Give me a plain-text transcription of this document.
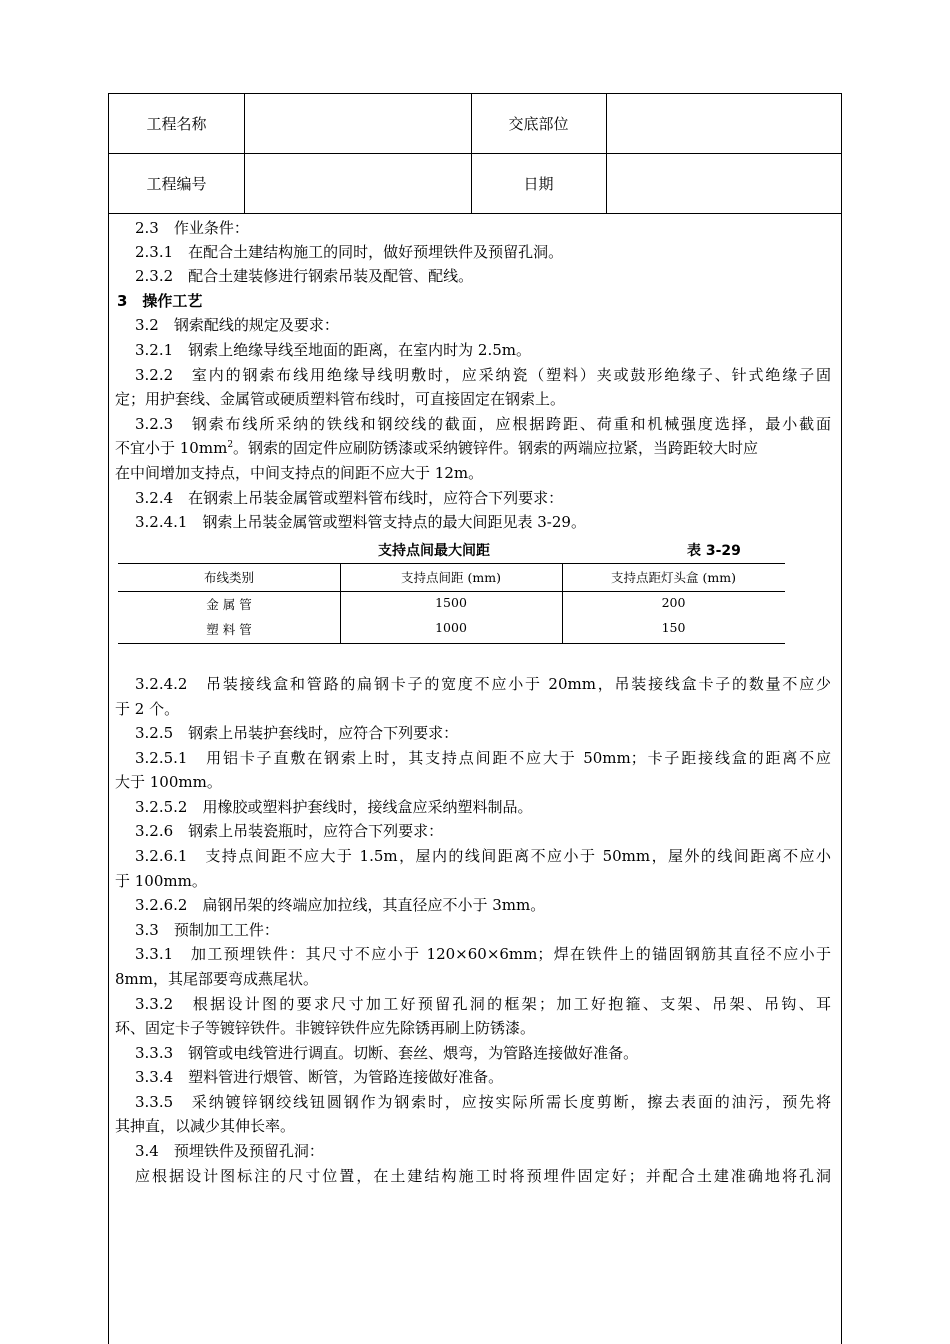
工程名称	交底部位
工程编号	日期
2.3　作业条件：
2.3.1　在配合土建结构施工的同时，做好预埋铁件及预留孔洞。
2.3.2　配合土建装修进行钢索吊装及配管、配线。
3　操作工艺
3.2　钢索配线的规定及要求：
3.2.1　钢索上绝缘导线至地面的距离，在室内时为 2.5m。
3.2.2　室内的钢索布线用绝缘导线明敷时，应采纳瓷（塑料）夹或鼓形绝缘子、针式绝缘子固
定；用护套线、金属管或硬质塑料管布线时，可直接固定在钢索上。
3.2.3　钢索布线所采纳的铁线和钢绞线的截面，应根据跨距、荷重和机械强度选择，最小截面
不宜小于 $10mm^2$。钢索的固定件应刷防锈漆或采纳镀锌件。钢索的两端应拉紧，当跨距较大时应
在中间增加支持点，中间支持点的间距不应大于 12m。
3.2.4　在钢索上吊装金属管或塑料管布线时，应符合下列要求：
3.2.4.1　钢索上吊装金属管或塑料管支持点的最大间距见表 3-29。
支持点间最大间距	表 3-29
布线类别	支持点间距 (mm)	支持点距灯头盒 (mm)
金 属 管	1500	200
塑 料 管	1000	150
3.2.4.2　吊装接线盒和管路的扁钢卡子的宽度不应小于 20mm，吊装接线盒卡子的数量不应少
于 2 个。
3.2.5　钢索上吊装护套线时，应符合下列要求：
3.2.5.1　用铝卡子直敷在钢索上时，其支持点间距不应大于 50mm；卡子距接线盒的距离不应
大于 100mm。
3.2.5.2　用橡胶或塑料护套线时，接线盒应采纳塑料制品。
3.2.6　钢索上吊装瓷瓶时，应符合下列要求：
3.2.6.1　支持点间距不应大于 1.5m，屋内的线间距离不应小于 50mm，屋外的线间距离不应小
于 100mm。
3.2.6.2　扁钢吊架的终端应加拉线，其直径应不小于 3mm。
3.3　预制加工工件：
3.3.1　加工预埋铁件：其尺寸不应小于 120×60×6mm；焊在铁件上的锚固钢筋其直径不应小于
8mm，其尾部要弯成燕尾状。
3.3.2　根据设计图的要求尺寸加工好预留孔洞的框架；加工好抱箍、支架、吊架、吊钩、耳
环、固定卡子等镀锌铁件。非镀锌铁件应先除锈再刷上防锈漆。
3.3.3　钢管或电线管进行调直。切断、套丝、煨弯，为管路连接做好准备。
3.3.4　塑料管进行煨管、断管，为管路连接做好准备。
3.3.5　采纳镀锌钢绞线钮圆钢作为钢索时，应按实际所需长度剪断，擦去表面的油污，预先将
其抻直，以减少其伸长率。
3.4　预埋铁件及预留孔洞：
应根据设计图标注的尺寸位置，在土建结构施工时将预埋件固定好；并配合土建准确地将孔洞
